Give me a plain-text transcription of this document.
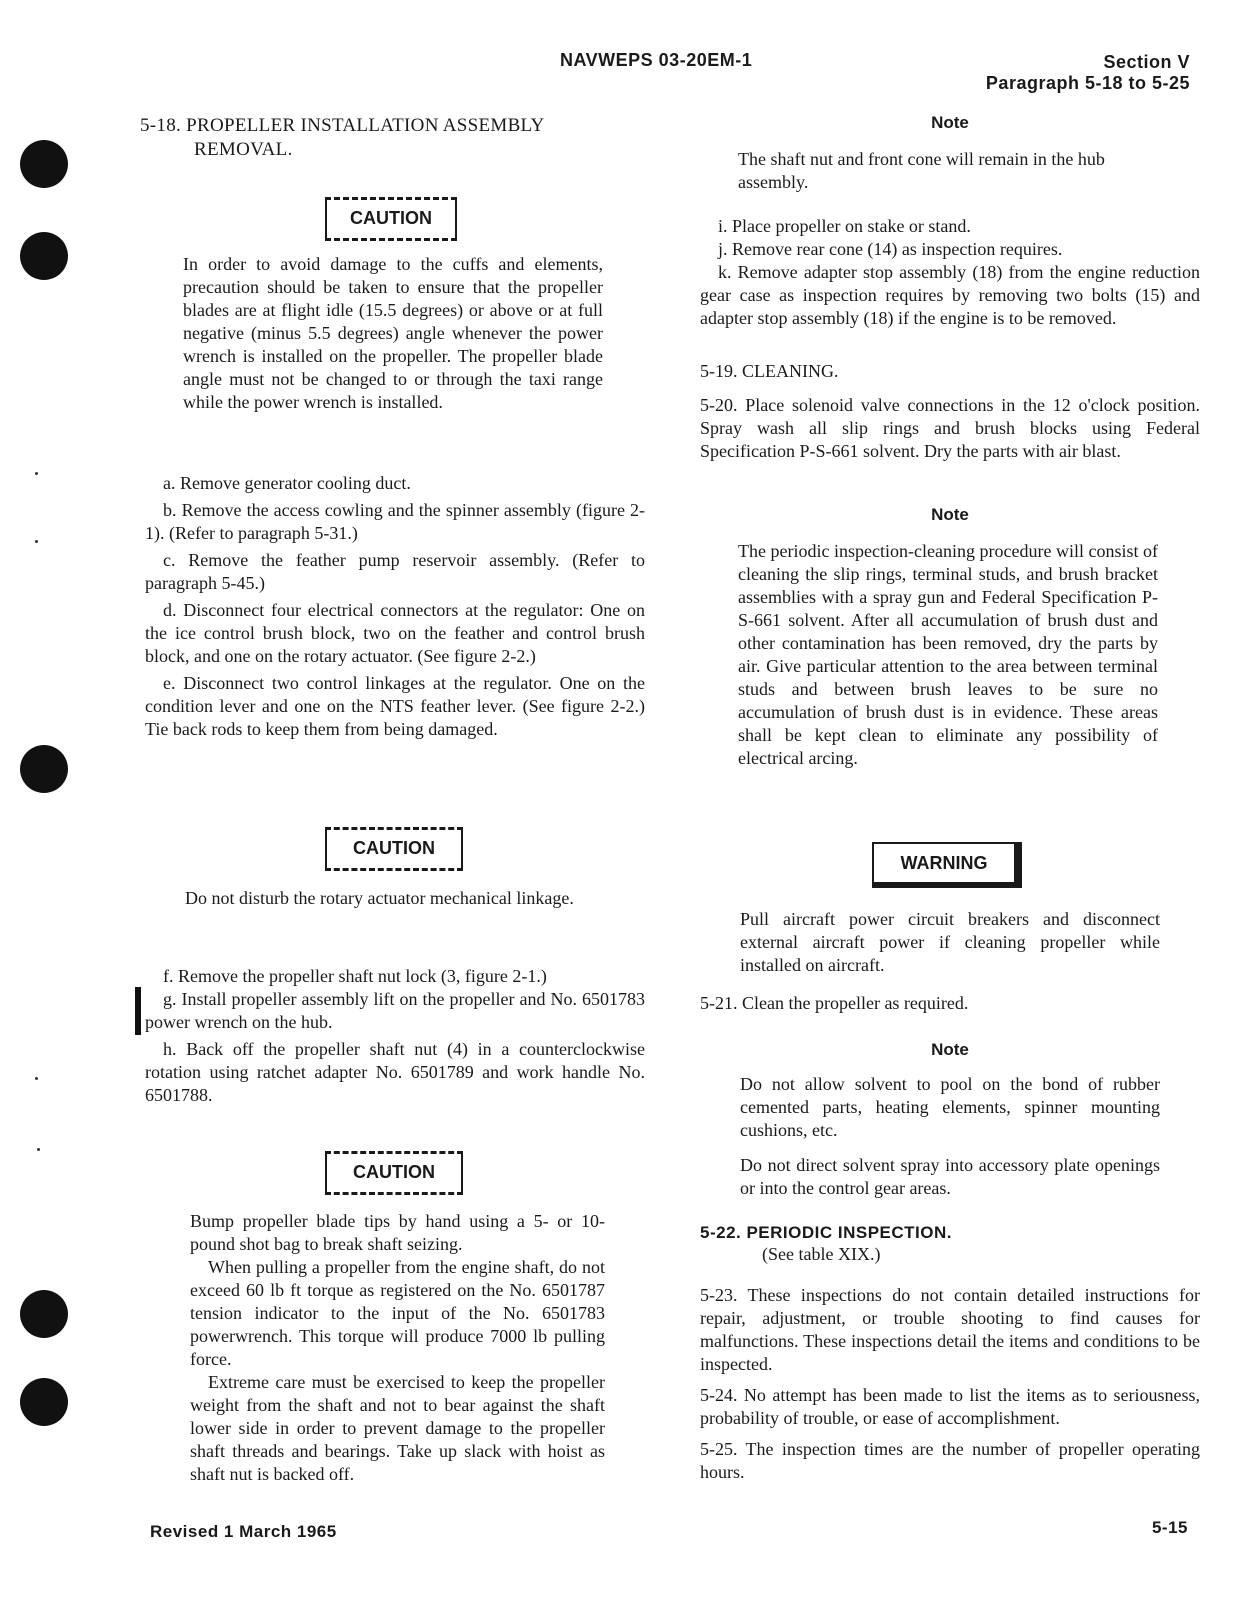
NAVWEPS 03-20EM-1	Section V
Paragraph 5-18 to 5-25
5-18. PROPELLER INSTALLATION ASSEMBLY
REMOVAL.
CAUTION

In order to avoid damage to the cuffs and elements, precaution should be taken to ensure that the propeller blades are at flight idle (15.5 degrees) or above or at full negative (minus 5.5 degrees) angle whenever the power wrench is installed on the propeller. The propeller blade angle must not be changed to or through the taxi range while the power wrench is installed.

a. Remove generator cooling duct.

b. Remove the access cowling and the spinner assembly (figure 2-1). (Refer to paragraph 5-31.)

c. Remove the feather pump reservoir assembly. (Refer to paragraph 5-45.)

d. Disconnect four electrical connectors at the regulator: One on the ice control brush block, two on the feather and control brush block, and one on the rotary actuator. (See figure 2-2.)

e. Disconnect two control linkages at the regulator. One on the condition lever and one on the NTS feather lever. (See figure 2-2.) Tie back rods to keep them from being damaged.

CAUTION

Do not disturb the rotary actuator mechanical linkage.

f. Remove the propeller shaft nut lock (3, figure 2-1.)

g. Install propeller assembly lift on the propeller and No. 6501783 power wrench on the hub.

h. Back off the propeller shaft nut (4) in a counterclockwise rotation using ratchet adapter No. 6501789 and work handle No. 6501788.

CAUTION

Bump propeller blade tips by hand using a 5- or 10-pound shot bag to break shaft seizing.

When pulling a propeller from the engine shaft, do not exceed 60 lb ft torque as registered on the No. 6501787 tension indicator to the input of the No. 6501783 powerwrench. This torque will produce 7000 lb pulling force.

Extreme care must be exercised to keep the propeller weight from the shaft and not to bear against the shaft lower side in order to prevent damage to the propeller shaft threads and bearings. Take up slack with hoist as shaft nut is backed off.

Note

The shaft nut and front cone will remain in the hub assembly.

i. Place propeller on stake or stand.

j. Remove rear cone (14) as inspection requires.

k. Remove adapter stop assembly (18) from the engine reduction gear case as inspection requires by removing two bolts (15) and adapter stop assembly (18) if the engine is to be removed.

5-19. CLEANING.

5-20. Place solenoid valve connections in the 12 o'clock position. Spray wash all slip rings and brush blocks using Federal Specification P-S-661 solvent. Dry the parts with air blast.

Note

The periodic inspection-cleaning procedure will consist of cleaning the slip rings, terminal studs, and brush bracket assemblies with a spray gun and Federal Specification P-S-661 solvent. After all accumulation of brush dust and other contamination has been removed, dry the parts by air. Give particular attention to the area between terminal studs and between brush leaves to be sure no accumulation of brush dust is in evidence. These areas shall be kept clean to eliminate any possibility of electrical arcing.

WARNING

Pull aircraft power circuit breakers and disconnect external aircraft power if cleaning propeller while installed on aircraft.

5-21. Clean the propeller as required.

Note

Do not allow solvent to pool on the bond of rubber cemented parts, heating elements, spinner mounting cushions, etc.

Do not direct solvent spray into accessory plate openings or into the control gear areas.

5-22. PERIODIC INSPECTION.
(See table XIX.)

5-23. These inspections do not contain detailed instructions for repair, adjustment, or trouble shooting to find causes for malfunctions. These inspections detail the items and conditions to be inspected.

5-24. No attempt has been made to list the items as to seriousness, probability of trouble, or ease of accomplishment.

5-25. The inspection times are the number of propeller operating hours.

Revised 1 March 1965	5-15
